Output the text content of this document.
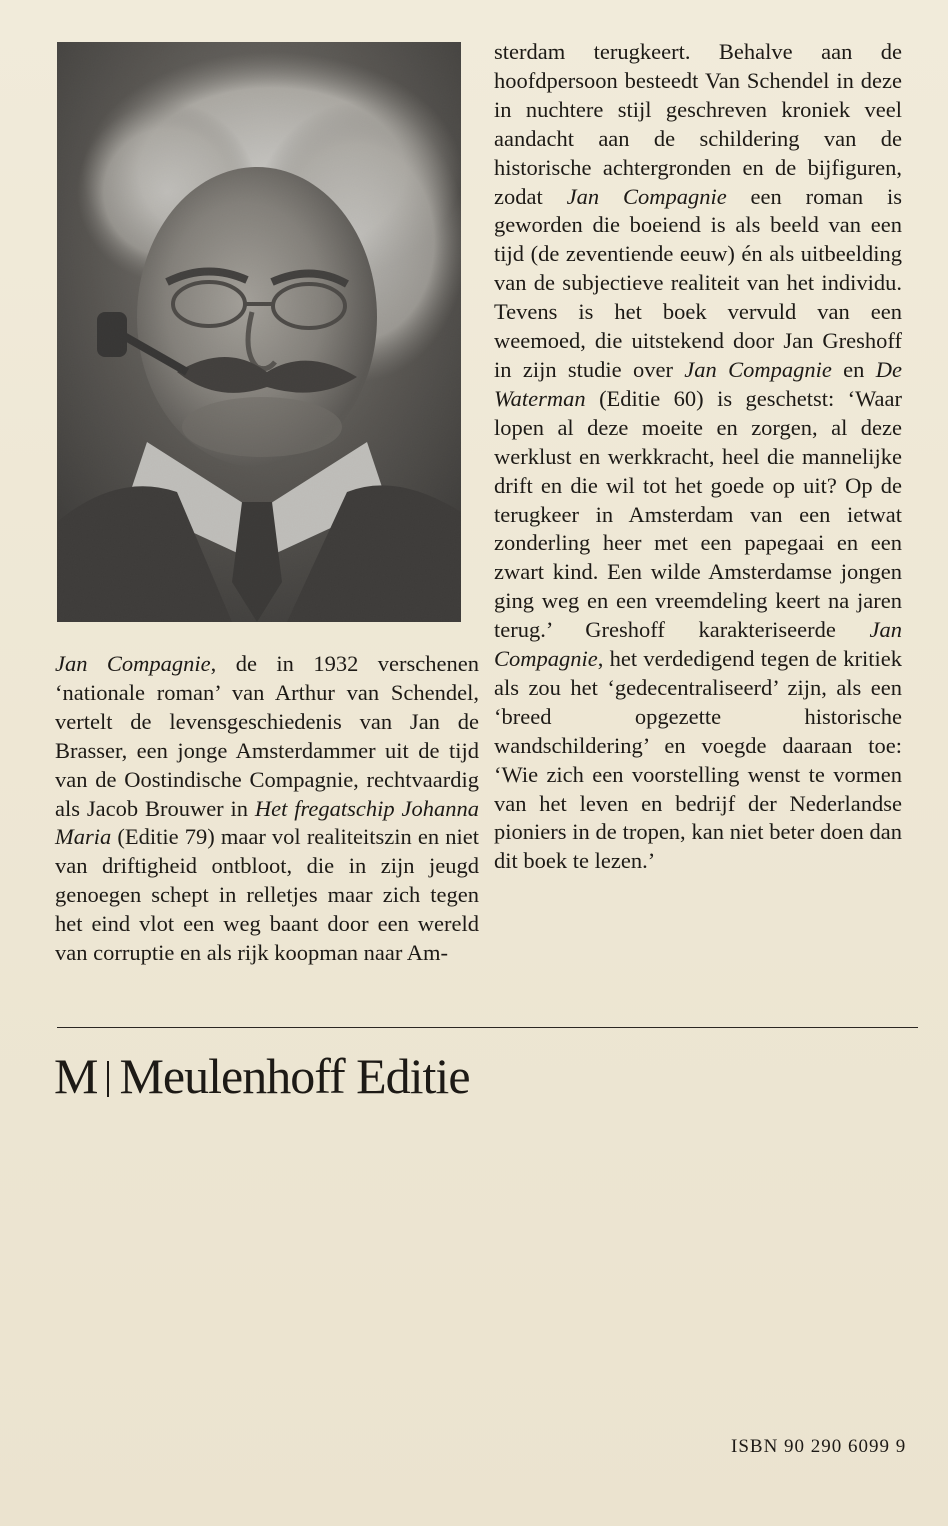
Jan Compagnie, de in 1932 verschenen ‘nationale roman’ van Arthur van Schendel, vertelt de levensgeschiedenis van Jan de Brasser, een jonge Amsterdammer uit de tijd van de Oostindische Compagnie, rechtvaardig als Jacob Brouwer in Het fregatschip Johanna Maria (Editie 79) maar vol realiteitszin en niet van driftigheid ontbloot, die in zijn jeugd genoegen schept in relletjes maar zich tegen het eind vlot een weg baant door een wereld van corruptie en als rijk koopman naar Am-

sterdam terugkeert. Behalve aan de hoofdpersoon besteedt Van Schendel in deze in nuchtere stijl geschreven kroniek veel aandacht aan de schildering van de historische achtergronden en de bijfiguren, zodat Jan Compagnie een roman is geworden die boeiend is als beeld van een tijd (de zeventiende eeuw) én als uitbeelding van de subjectieve realiteit van het individu. Tevens is het boek vervuld van een weemoed, die uitstekend door Jan Greshoff in zijn studie over Jan Compagnie en De Waterman (Editie 60) is geschetst: ‘Waar lopen al deze moeite en zorgen, al deze werklust en werkkracht, heel die mannelijke drift en die wil tot het goede op uit? Op de terugkeer in Amsterdam van een ietwat zonderling heer met een papegaai en een zwart kind. Een wilde Amsterdamse jongen ging weg en een vreemdeling keert na jaren terug.’ Greshoff karakteriseerde Jan Compagnie, het verdedigend tegen de kritiek als zou het ‘gedecentraliseerd’ zijn, als een ‘breed opgezette historische wandschildering’ en voegde daaraan toe: ‘Wie zich een voorstelling wenst te vormen van het leven en bedrijf der Nederlandse pioniers in de tropen, kan niet beter doen dan dit boek te lezen.’

M Meulenhoff Editie
ISBN 90 290 6099 9
